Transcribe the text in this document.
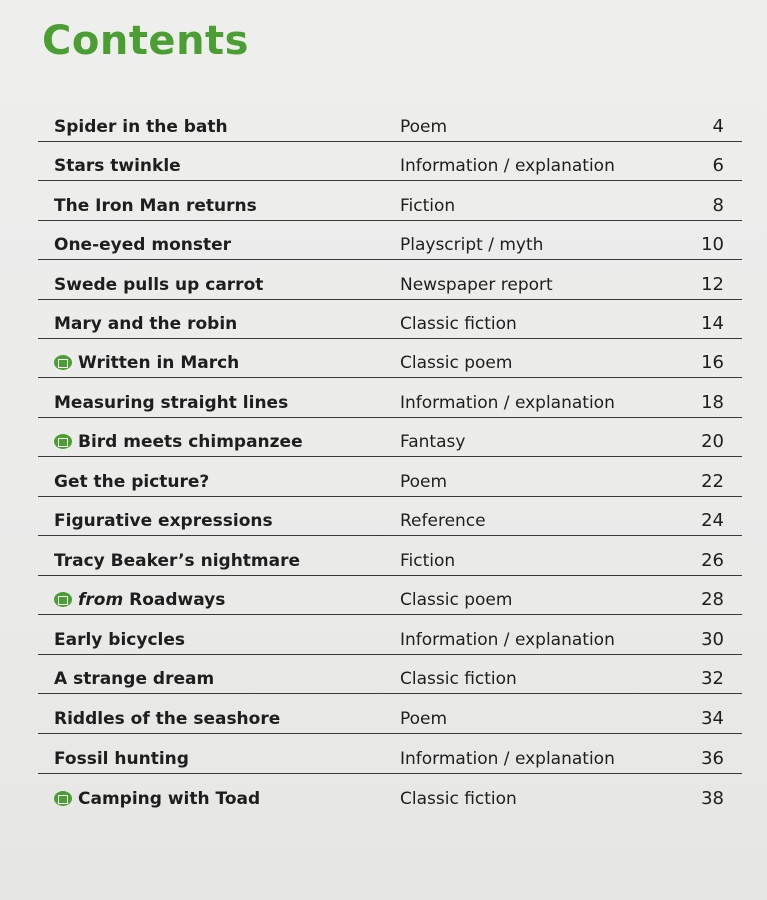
Contents
Spider in the bath	Poem	4
Stars twinkle	Information / explanation	6
The Iron Man returns	Fiction	8
One-eyed monster	Playscript / myth	10
Swede pulls up carrot	Newspaper report	12
Mary and the robin	Classic fiction	14
Written in March	Classic poem	16
Measuring straight lines	Information / explanation	18
Bird meets chimpanzee	Fantasy	20
Get the picture?	Poem	22
Figurative expressions	Reference	24
Tracy Beaker’s nightmare	Fiction	26
from Roadways	Classic poem	28
Early bicycles	Information / explanation	30
A strange dream	Classic fiction	32
Riddles of the seashore	Poem	34
Fossil hunting	Information / explanation	36
Camping with Toad	Classic fiction	38
